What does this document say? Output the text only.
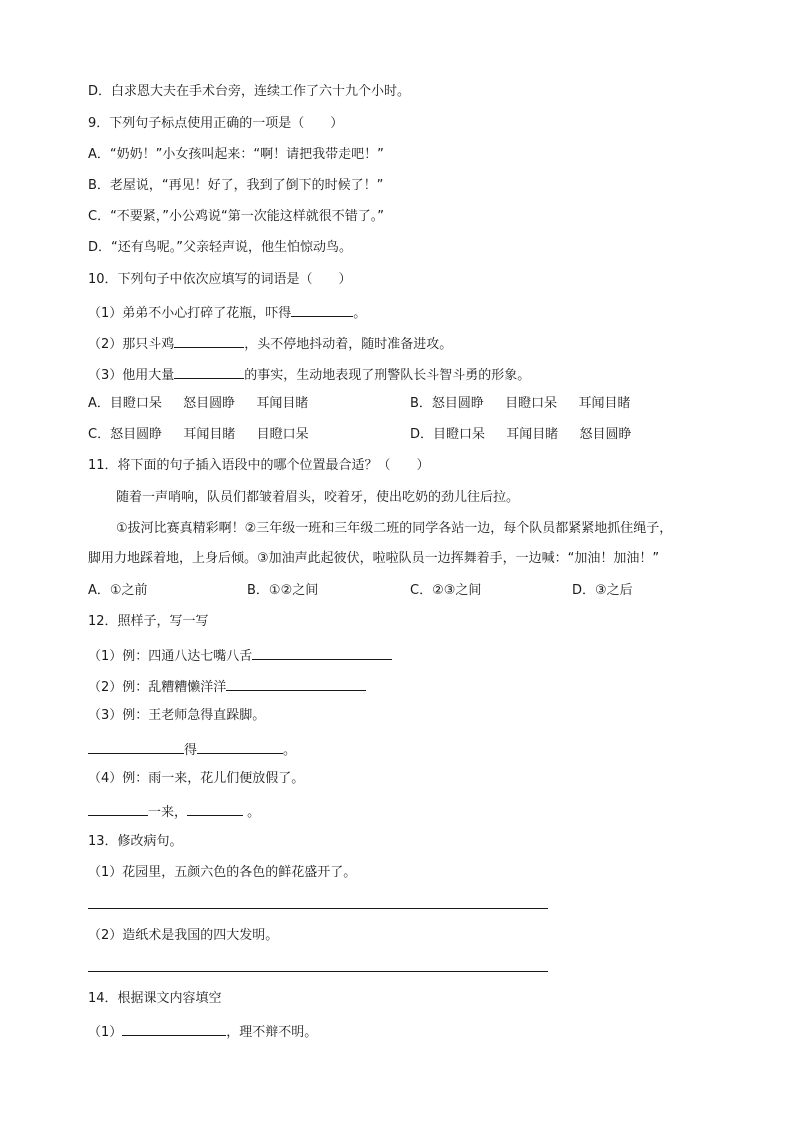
D．白求恩大夫在手术台旁，连续工作了六十九个小时。
9．下列句子标点使用正确的一项是（　　）
A．“奶奶！”小女孩叫起来：“啊！请把我带走吧！”
B．老屋说，“再见！好了，我到了倒下的时候了！”
C．“不要紧，”小公鸡说“第一次能这样就很不错了。”
D．“还有鸟呢。”父亲轻声说，他生怕惊动鸟。
10．下列句子中依次应填写的词语是（　　）
（1）弟弟不小心打碎了花瓶，吓得	。
（2）那只斗鸡	，头不停地抖动着，随时准备进攻。
（3）他用大量	的事实，生动地表现了刑警队长斗智斗勇的形象。
A．目瞪口呆　  怒目圆睁　  耳闻目睹	B．怒目圆睁　  目瞪口呆　  耳闻目睹
C．怒目圆睁　  耳闻目睹　  目瞪口呆	D．目瞪口呆　  耳闻目睹　  怒目圆睁
11．将下面的句子插入语段中的哪个位置最合适？（　　）
随着一声哨响，队员们都皱着眉头，咬着牙，使出吃奶的劲儿往后拉。
①拔河比赛真精彩啊！②三年级一班和三年级二班的同学各站一边，每个队员都紧紧地抓住绳子，
脚用力地踩着地，上身后倾。③加油声此起彼伏，啦啦队员一边挥舞着手，一边喊：“加油！加油！”
A．①之前	B．①②之间	C．②③之间	D．③之后
12．照样子，写一写
（1）例：四通八达七嘴八舌
（2）例：乱糟糟懒洋洋
（3）例：王老师急得直跺脚。
得	。
（4）例：雨一来，花儿们便放假了。
一来，	。
13．修改病句。
（1）花园里，五颜六色的各色的鲜花盛开了。
（2）造纸术是我国的四大发明。
14．根据课文内容填空
（1）	，理不辩不明。
